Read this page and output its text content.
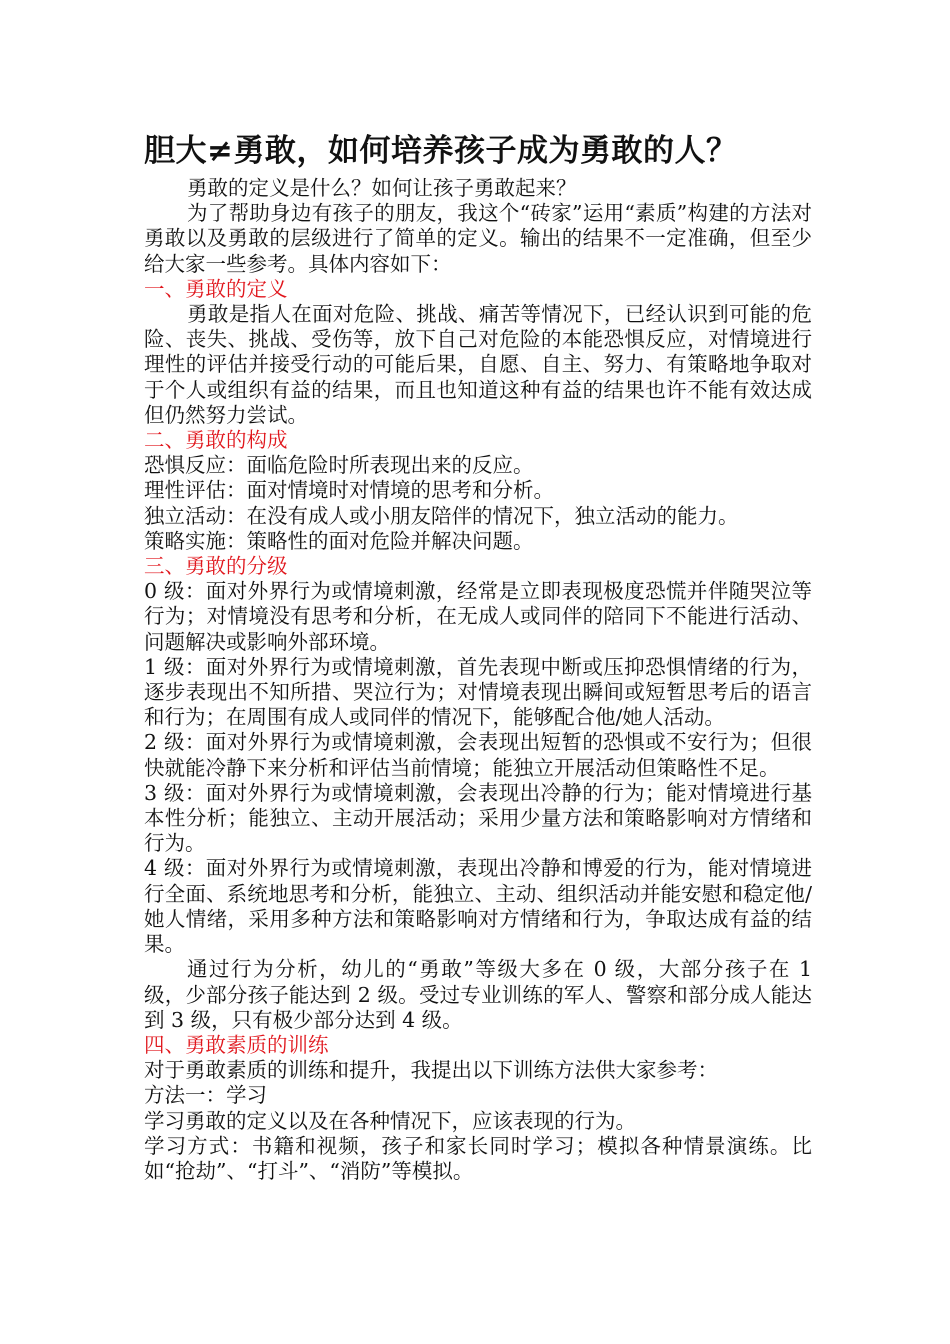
胆大≠勇敢，如何培养孩子成为勇敢的人？

勇敢的定义是什么？如何让孩子勇敢起来？

为了帮助身边有孩子的朋友，我这个“砖家”运用“素质”构建的方法对勇敢以及勇敢的层级进行了简单的定义。输出的结果不一定准确，但至少给大家一些参考。具体内容如下：

一、勇敢的定义

勇敢是指人在面对危险、挑战、痛苦等情况下，已经认识到可能的危险、丧失、挑战、受伤等，放下自己对危险的本能恐惧反应，对情境进行理性的评估并接受行动的可能后果，自愿、自主、努力、有策略地争取对于个人或组织有益的结果，而且也知道这种有益的结果也许不能有效达成但仍然努力尝试。

二、勇敢的构成

恐惧反应：面临危险时所表现出来的反应。

理性评估：面对情境时对情境的思考和分析。

独立活动：在没有成人或小朋友陪伴的情况下，独立活动的能力。

策略实施：策略性的面对危险并解决问题。

三、勇敢的分级

0 级：面对外界行为或情境刺激，经常是立即表现极度恐慌并伴随哭泣等行为；对情境没有思考和分析，在无成人或同伴的陪同下不能进行活动、问题解决或影响外部环境。

1 级：面对外界行为或情境刺激，首先表现中断或压抑恐惧情绪的行为，逐步表现出不知所措、哭泣行为；对情境表现出瞬间或短暂思考后的语言和行为；在周围有成人或同伴的情况下，能够配合他/她人活动。

2 级：面对外界行为或情境刺激，会表现出短暂的恐惧或不安行为；但很快就能冷静下来分析和评估当前情境；能独立开展活动但策略性不足。

3 级：面对外界行为或情境刺激，会表现出冷静的行为；能对情境进行基本性分析；能独立、主动开展活动；采用少量方法和策略影响对方情绪和行为。

4 级：面对外界行为或情境刺激，表现出冷静和博爱的行为，能对情境进行全面、系统地思考和分析，能独立、主动、组织活动并能安慰和稳定他/她人情绪，采用多种方法和策略影响对方情绪和行为，争取达成有益的结果。

通过行为分析，幼儿的“勇敢”等级大多在 0 级，大部分孩子在 1 级，少部分孩子能达到 2 级。受过专业训练的军人、警察和部分成人能达到 3 级，只有极少部分达到 4 级。

四、勇敢素质的训练

对于勇敢素质的训练和提升，我提出以下训练方法供大家参考：

方法一：学习

学习勇敢的定义以及在各种情况下，应该表现的行为。

学习方式：书籍和视频，孩子和家长同时学习；模拟各种情景演练。比如“抢劫”、“打斗”、“消防”等模拟。
